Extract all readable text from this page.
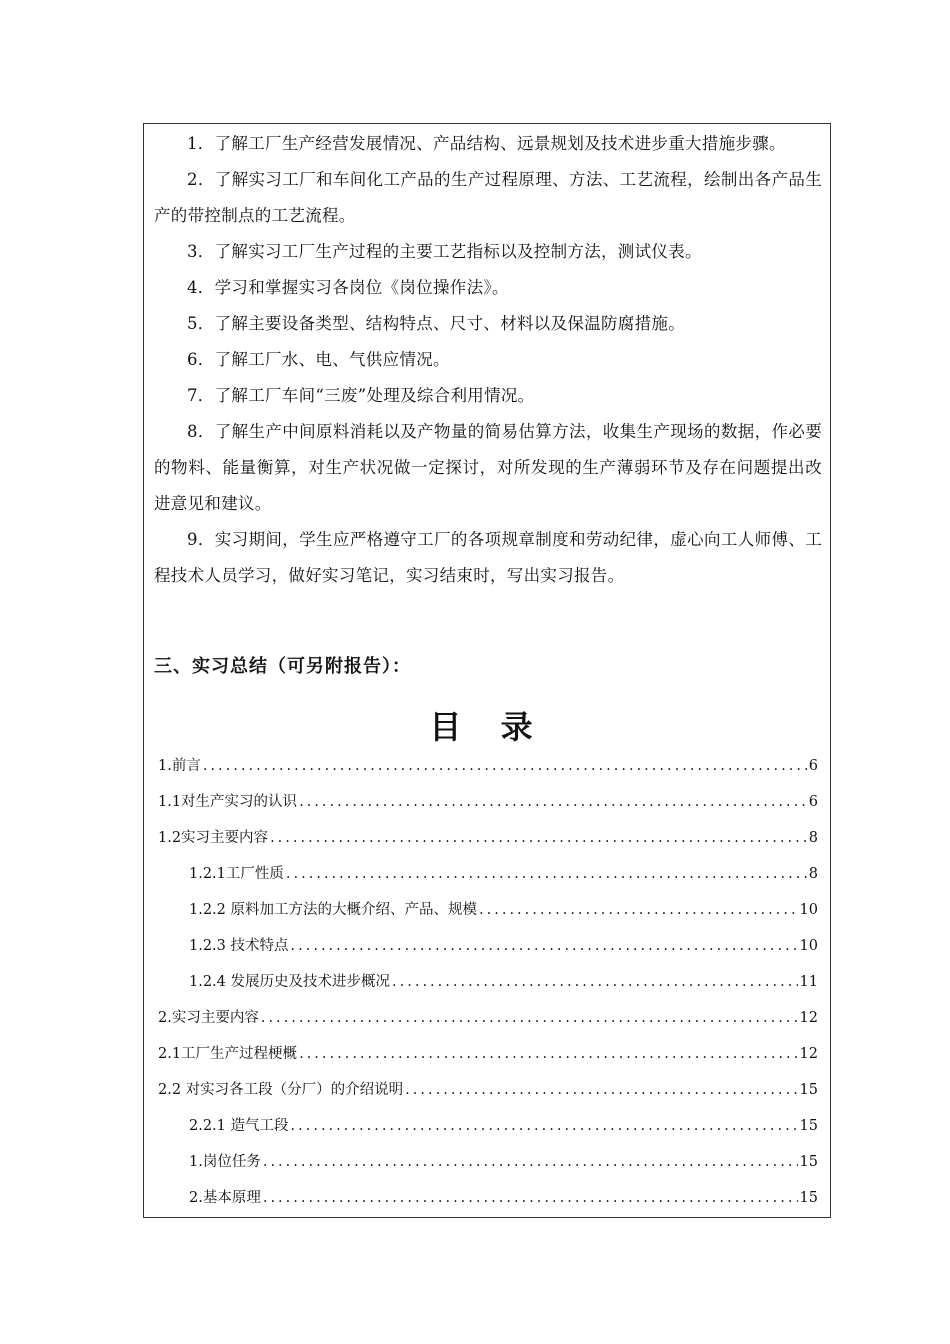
1．了解工厂生产经营发展情况、产品结构、远景规划及技术进步重大措施步骤。

2．了解实习工厂和车间化工产品的生产过程原理、方法、工艺流程，绘制出各产品生产的带控制点的工艺流程。

3．了解实习工厂生产过程的主要工艺指标以及控制方法，测试仪表。

4．学习和掌握实习各岗位《岗位操作法》。

5．了解主要设备类型、结构特点、尺寸、材料以及保温防腐措施。

6．了解工厂水、电、气供应情况。

7．了解工厂车间“三废”处理及综合利用情况。

8．了解生产中间原料消耗以及产物量的简易估算方法，收集生产现场的数据，作必要的物料、能量衡算，对生产状况做一定探讨，对所发现的生产薄弱环节及存在问题提出改进意见和建议。

9．实习期间，学生应严格遵守工厂的各项规章制度和劳动纪律，虚心向工人师傅、工程技术人员学习，做好实习笔记，实习结束时，写出实习报告。

三、实习总结（可另附报告）：
目 录
1.前言 .....	6
1.1对生产实习的认识 .....	6
1.2实习主要内容 .....	8
1.2.1工厂性质 .....	8
1.2.2 原料加工方法的大概介绍、产品、规模 .....	10
1.2.3 技术特点 .....	10
1.2.4 发展历史及技术进步概况 .....	11
2.实习主要内容 .....	12
2.1工厂生产过程梗概 .....	12
2.2 对实习各工段（分厂）的介绍说明 .....	15
2.2.1 造气工段 .....	15
1.岗位任务 .....	15
2.基本原理 .....	15
